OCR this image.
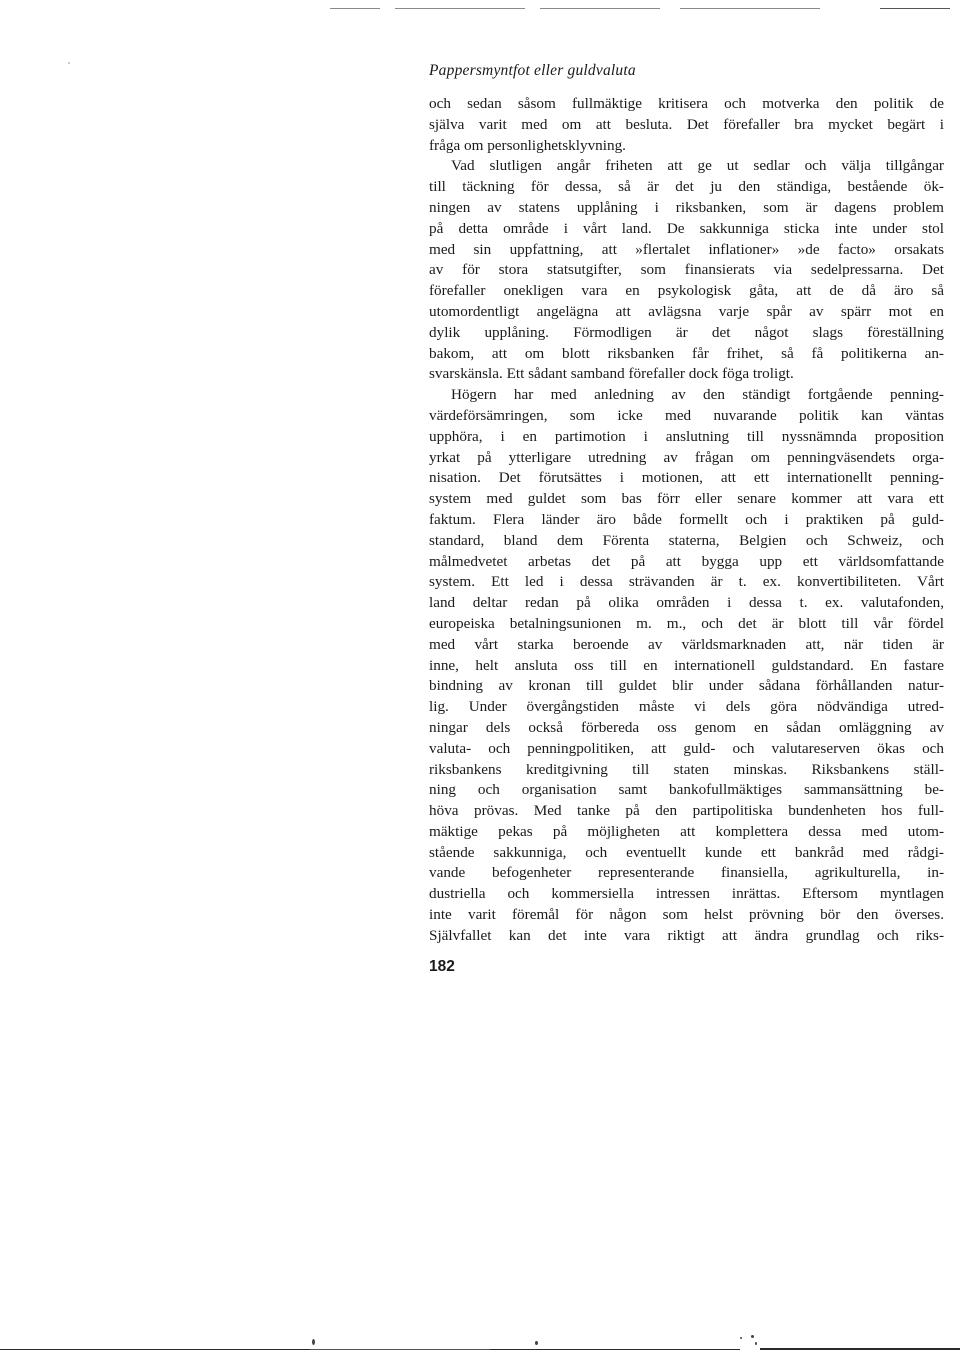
Pappersmyntfot eller guldvaluta
och sedan såsom fullmäktige kritisera och motverka den politik de
själva varit med om att besluta. Det förefaller bra mycket begärt i
fråga om personlighetsklyvning.
Vad slutligen angår friheten att ge ut sedlar och välja tillgångar
till täckning för dessa, så är det ju den ständiga, bestående ök-
ningen av statens upplåning i riksbanken, som är dagens problem
på detta område i vårt land. De sakkunniga sticka inte under stol
med sin uppfattning, att »flertalet inflationer» »de facto» orsakats
av för stora statsutgifter, som finansierats via sedelpressarna. Det
förefaller onekligen vara en psykologisk gåta, att de då äro så
utomordentligt angelägna att avlägsna varje spår av spärr mot en
dylik upplåning. Förmodligen är det något slags föreställning
bakom, att om blott riksbanken får frihet, så få politikerna an-
svarskänsla. Ett sådant samband förefaller dock föga troligt.
Högern har med anledning av den ständigt fortgående penning-
värdeförsämringen, som icke med nuvarande politik kan väntas
upphöra, i en partimotion i anslutning till nyssnämnda proposition
yrkat på ytterligare utredning av frågan om penningväsendets orga-
nisation. Det förutsättes i motionen, att ett internationellt penning-
system med guldet som bas förr eller senare kommer att vara ett
faktum. Flera länder äro både formellt och i praktiken på guld-
standard, bland dem Förenta staterna, Belgien och Schweiz, och
målmedvetet arbetas det på att bygga upp ett världsomfattande
system. Ett led i dessa strävanden är t. ex. konvertibiliteten. Vårt
land deltar redan på olika områden i dessa t. ex. valutafonden,
europeiska betalningsunionen m. m., och det är blott till vår fördel
med vårt starka beroende av världsmarknaden att, när tiden är
inne, helt ansluta oss till en internationell guldstandard. En fastare
bindning av kronan till guldet blir under sådana förhållanden natur-
lig. Under övergångstiden måste vi dels göra nödvändiga utred-
ningar dels också förbereda oss genom en sådan omläggning av
valuta- och penningpolitiken, att guld- och valutareserven ökas och
riksbankens kreditgivning till staten minskas. Riksbankens ställ-
ning och organisation samt bankofullmäktiges sammansättning be-
höva prövas. Med tanke på den partipolitiska bundenheten hos full-
mäktige pekas på möjligheten att komplettera dessa med utom-
stående sakkunniga, och eventuellt kunde ett bankråd med rådgi-
vande befogenheter representerande finansiella, agrikulturella, in-
dustriella och kommersiella intressen inrättas. Eftersom myntlagen
inte varit föremål för någon som helst prövning bör den överses.
Självfallet kan det inte vara riktigt att ändra grundlag och riks-
182
